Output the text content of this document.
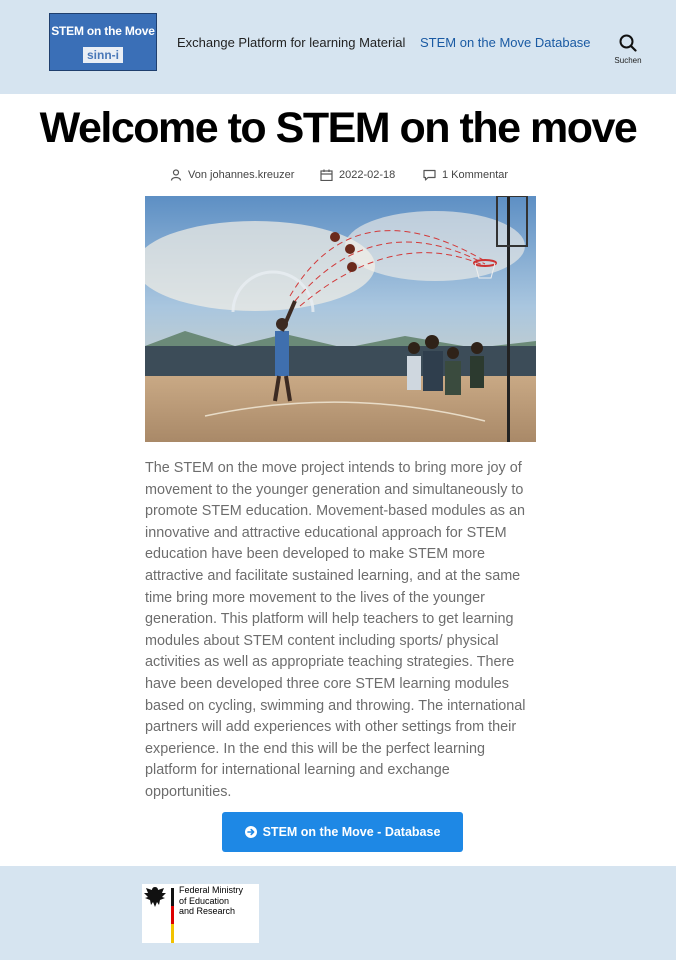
STEM on the Move
sinn-i
Exchange Platform for learning Material STEM on the Move Database
Suchen
Welcome to STEM on the move
Von johannes.kreuzer	2022-02-18	1 Kommentar
The STEM on the move project intends to bring more joy of movement to the younger generation and simultaneously to promote STEM education. Movement-based modules as an innovative and attractive educational approach for STEM education have been developed to make STEM more attractive and facilitate sustained learning, and at the same time bring more movement to the lives of the younger generation. This platform will help teachers to get learning modules about STEM content including sports/ physical activities as well as appropriate teaching strategies. There have been developed three core STEM learning modules based on cycling, swimming and throwing. The international partners will add experiences with other settings from their experience. In the end this will be the perfect learning platform for international learning and exchange opportunities.
STEM on the Move - Database
Federal Ministry
of Education
and Research
